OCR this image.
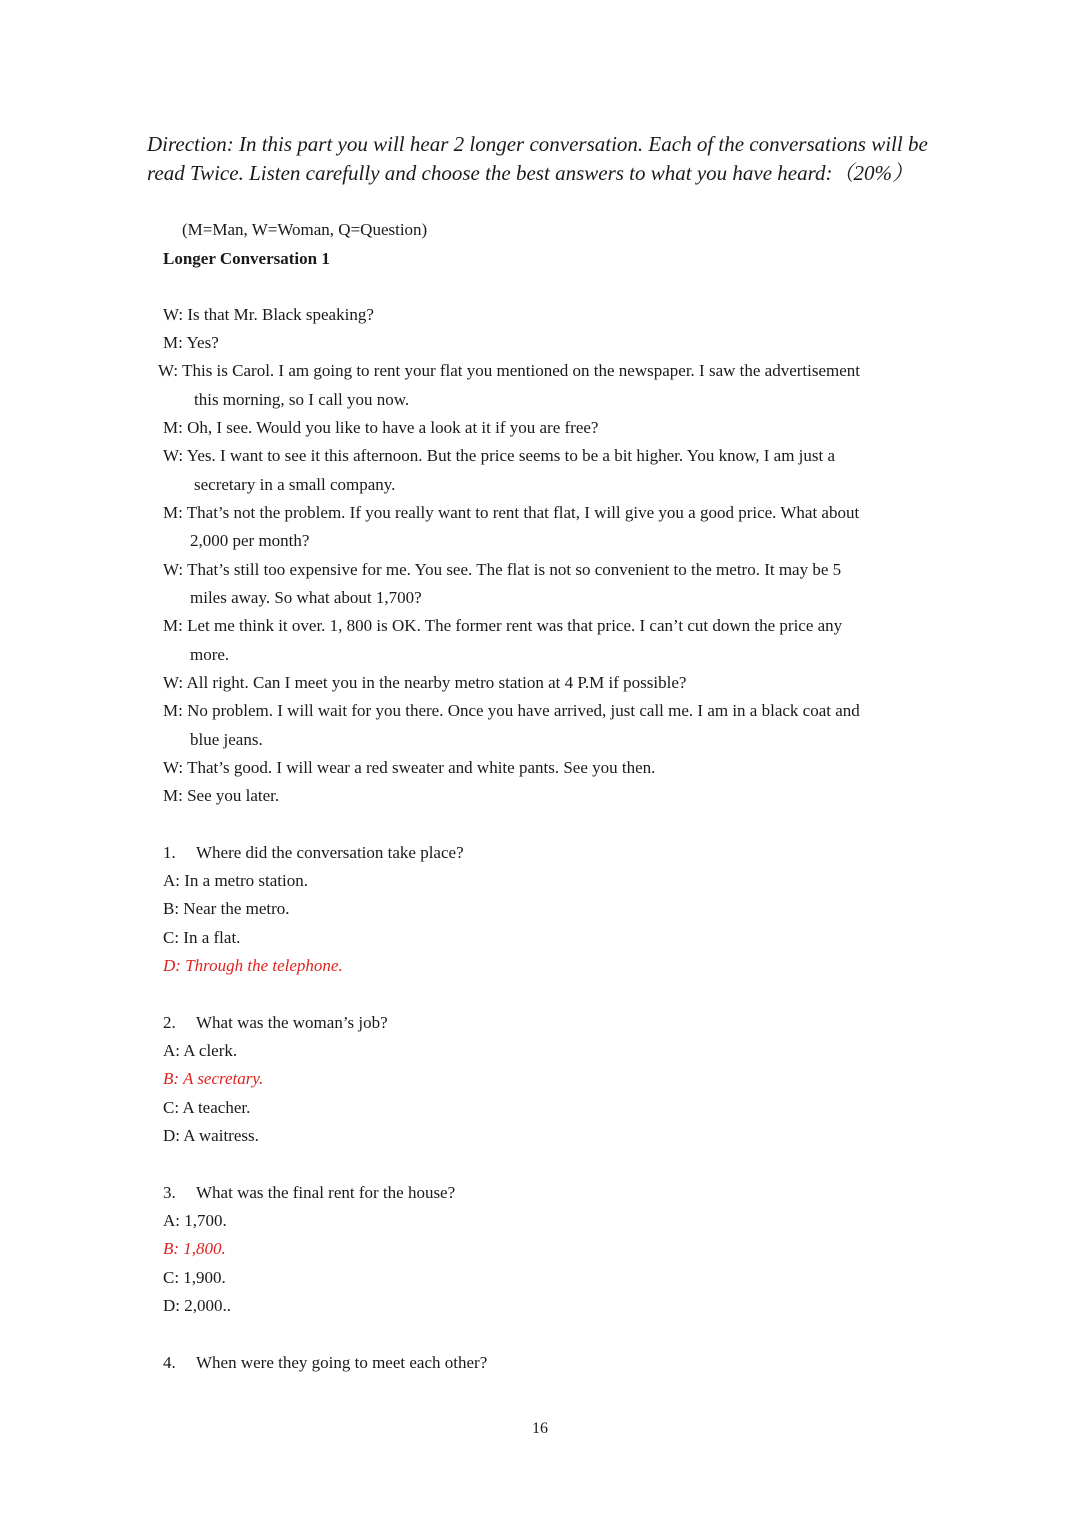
Direction: In this part you will hear 2 longer conversation. Each of the conversations will be read Twice. Listen carefully and choose the best answers to what you have heard:（20%）
(M=Man, W=Woman, Q=Question)
Longer Conversation 1
W: Is that Mr. Black speaking?
M: Yes?
W: This is Carol. I am going to rent your flat you mentioned on the newspaper. I saw the advertisement
this morning, so I call you now.
M: Oh, I see. Would you like to have a look at it if you are free?
W: Yes. I want to see it this afternoon. But the price seems to be a bit higher. You know, I am just a
secretary in a small company.
M: That’s not the problem. If you really want to rent that flat, I will give you a good price. What about
2,000 per month?
W: That’s still too expensive for me. You see. The flat is not so convenient to the metro. It may be 5
miles away. So what about 1,700?
M: Let me think it over. 1, 800 is OK. The former rent was that price. I can’t cut down the price any
more.
W: All right. Can I meet you in the nearby metro station at 4 P.M if possible?
M: No problem. I will wait for you there. Once you have arrived, just call me. I am in a black coat and
blue jeans.
W: That’s good. I will wear a red sweater and white pants. See you then.
M: See you later.
1. Where did the conversation take place?
A: In a metro station.
B: Near the metro.
C: In a flat.
D: Through the telephone.
2. What was the woman’s job?
A: A clerk.
B: A secretary.
C: A teacher.
D: A waitress.
3. What was the final rent for the house?
A: 1,700.
B: 1,800.
C: 1,900.
D: 2,000..
4. When were they going to meet each other?
16
